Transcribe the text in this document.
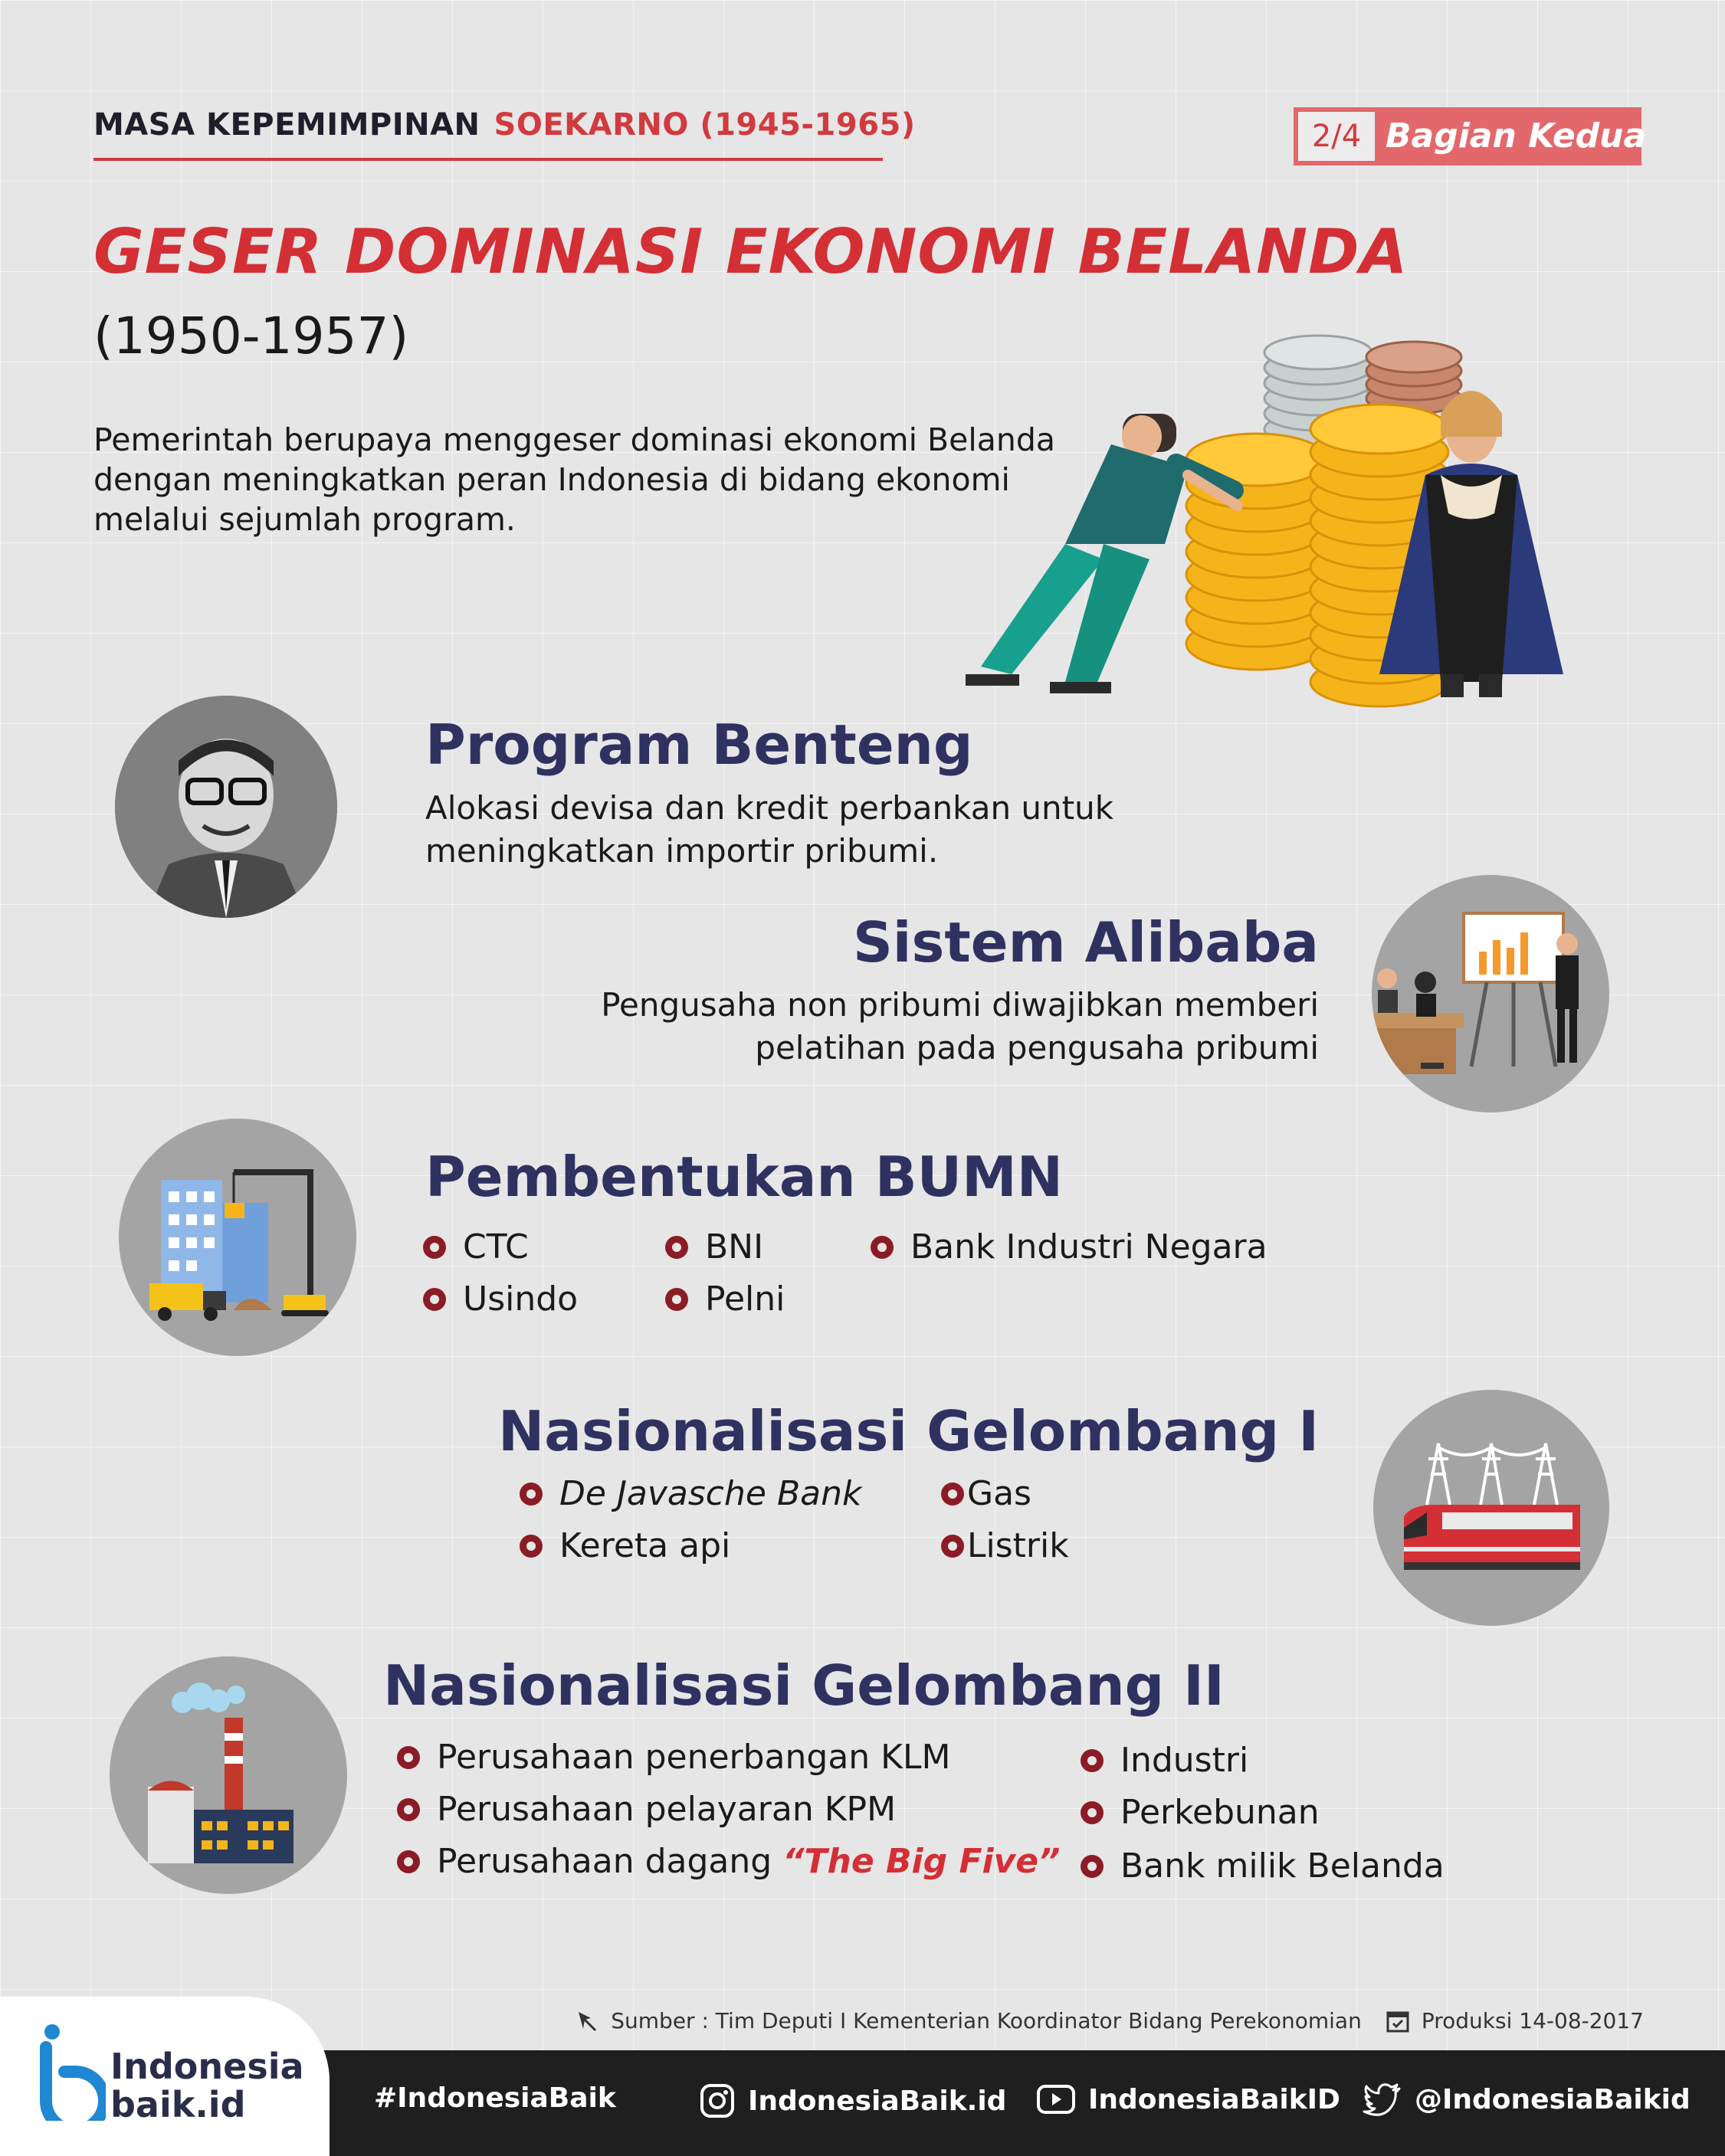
MASA KEPEMIMPINAN SOEKARNO (1945-1965)	2/4 Bagian Kedua
GESER DOMINASI EKONOMI BELANDA
(1950-1957)
Pemerintah berupaya menggeser dominasi ekonomi Belanda dengan meningkatkan peran Indonesia di bidang ekonomi melalui sejumlah program.
Program Benteng
Alokasi devisa dan kredit perbankan untuk meningkatkan importir pribumi.
Sistem Alibaba
Pengusaha non pribumi diwajibkan memberi
pelatihan pada pengusaha pribumi
Pembentukan BUMN
CTC	BNI	Bank Industri Negara
Usindo	Pelni
Nasionalisasi Gelombang I
De Javasche Bank	Gas
Kereta api	Listrik
Nasionalisasi Gelombang II
Perusahaan penerbangan KLM
Perusahaan pelayaran KPM
Perusahaan dagang “The Big Five”
Industri
Perkebunan
Bank milik Belanda
Sumber : Tim Deputi I Kementerian Koordinator Bidang Perekonomian	Produksi 14-08-2017
Indonesia
baik.id	#IndonesiaBaik	IndonesiaBaik.id	IndonesiaBaikID	@IndonesiaBaikid
